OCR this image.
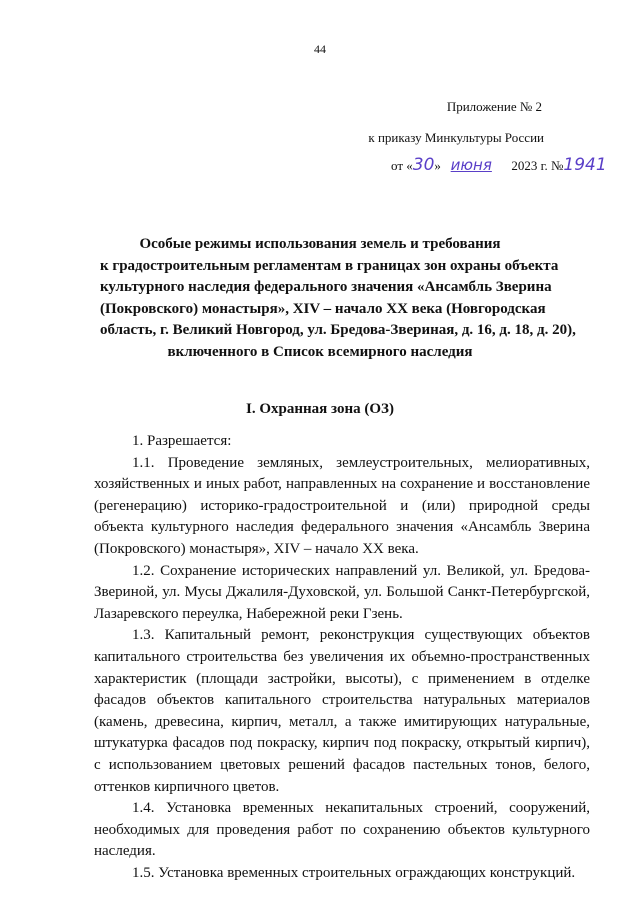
44
Приложение № 2
к приказу Минкультуры России
от «30» июня 2023 г. №1941
Особые режимы использования земель и требования
к градостроительным регламентам в границах зон охраны объекта
культурного наследия федерального значения «Ансамбль Зверина
(Покровского) монастыря», XIV – начало XX века (Новгородская
область, г. Великий Новгород, ул. Бредова-Звериная, д. 16, д. 18, д. 20),
включенного в Список всемирного наследия
I. Охранная зона (ОЗ)

1. Разрешается:

1.1. Проведение земляных, землеустроительных, мелиоративных, хозяйственных и иных работ, направленных на сохранение и восстановление (регенерацию) историко-градостроительной и (или) природной среды объекта культурного наследия федерального значения «Ансамбль Зверина (Покровского) монастыря», XIV – начало XX века.

1.2. Сохранение исторических направлений ул. Великой, ул. Бредова-Звериной, ул. Мусы Джалиля-Духовской, ул. Большой Санкт-Петербургской, Лазаревского переулка, Набережной реки Гзень.

1.3. Капитальный ремонт, реконструкция существующих объектов капитального строительства без увеличения их объемно-пространственных характеристик (площади застройки, высоты), с применением в отделке фасадов объектов капитального строительства натуральных материалов (камень, древесина, кирпич, металл, а также имитирующих натуральные, штукатурка фасадов под покраску, кирпич под покраску, открытый кирпич), с использованием цветовых решений фасадов пастельных тонов, белого, оттенков кирпичного цветов.

1.4. Установка временных некапитальных строений, сооружений, необходимых для проведения работ по сохранению объектов культурного наследия.

1.5. Установка временных строительных ограждающих конструкций.
